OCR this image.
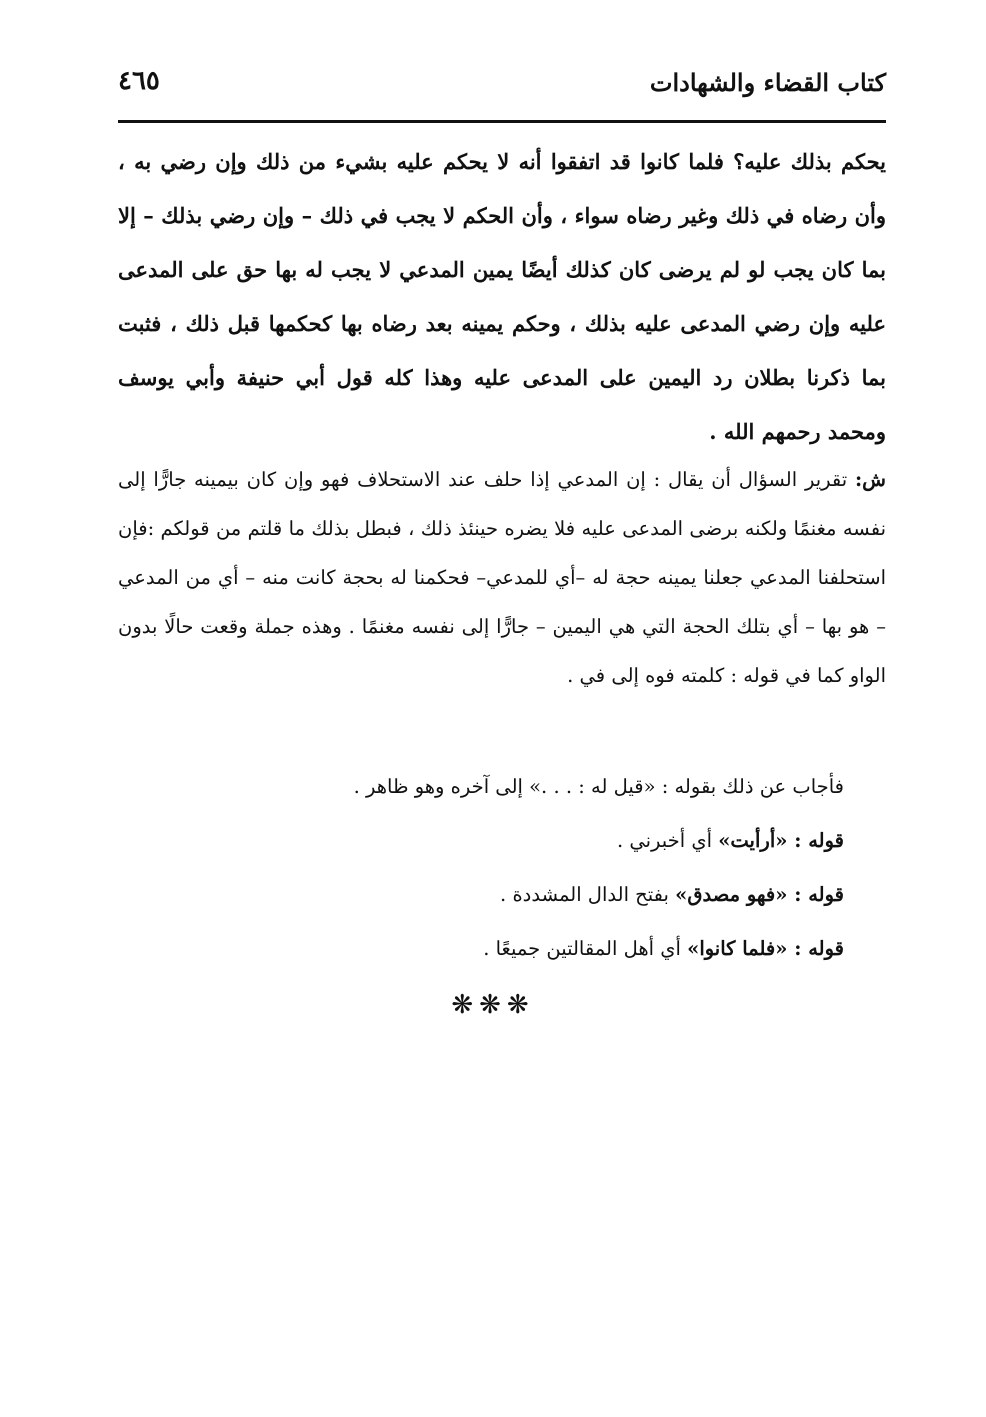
كتاب القضاء والشهادات
٤٦٥
يحكم بذلك عليه؟ فلما كانوا قد اتفقوا أنه لا يحكم عليه بشيء من ذلك وإن رضي به ، وأن رضاه في ذلك وغير رضاه سواء ، وأن الحكم لا يجب في ذلك – وإن رضي بذلك – إلا بما كان يجب لو لم يرضى كان كذلك أيضًا يمين المدعي لا يجب له بها حق على المدعى عليه وإن رضي المدعى عليه بذلك ، وحكم يمينه بعد رضاه بها كحكمها قبل ذلك ، فثبت بما ذكرنا بطلان رد اليمين على المدعى عليه وهذا كله قول أبي حنيفة وأبي يوسف ومحمد رحمهم الله .
ش: تقرير السؤال أن يقال : إن المدعي إذا حلف عند الاستحلاف فهو وإن كان بيمينه جارًّا إلى نفسه مغنمًا ولكنه برضى المدعى عليه فلا يضره حينئذ ذلك ، فبطل بذلك ما قلتم من قولكم :فإن استحلفنا المدعي جعلنا يمينه حجة له –أي للمدعي– فحكمنا له بحجة كانت منه – أي من المدعي – هو بها – أي بتلك الحجة التي هي اليمين – جارًّا إلى نفسه مغنمًا . وهذه جملة وقعت حالًا بدون الواو كما في قوله : كلمته فوه إلى في .
فأجاب عن ذلك بقوله : «قيل له : . . .» إلى آخره وهو ظاهر .
قوله : «أرأيت» أي أخبرني .
قوله : «فهو مصدق» بفتح الدال المشددة .
قوله : «فلما كانوا» أي أهل المقالتين جميعًا .
❋❋❋
